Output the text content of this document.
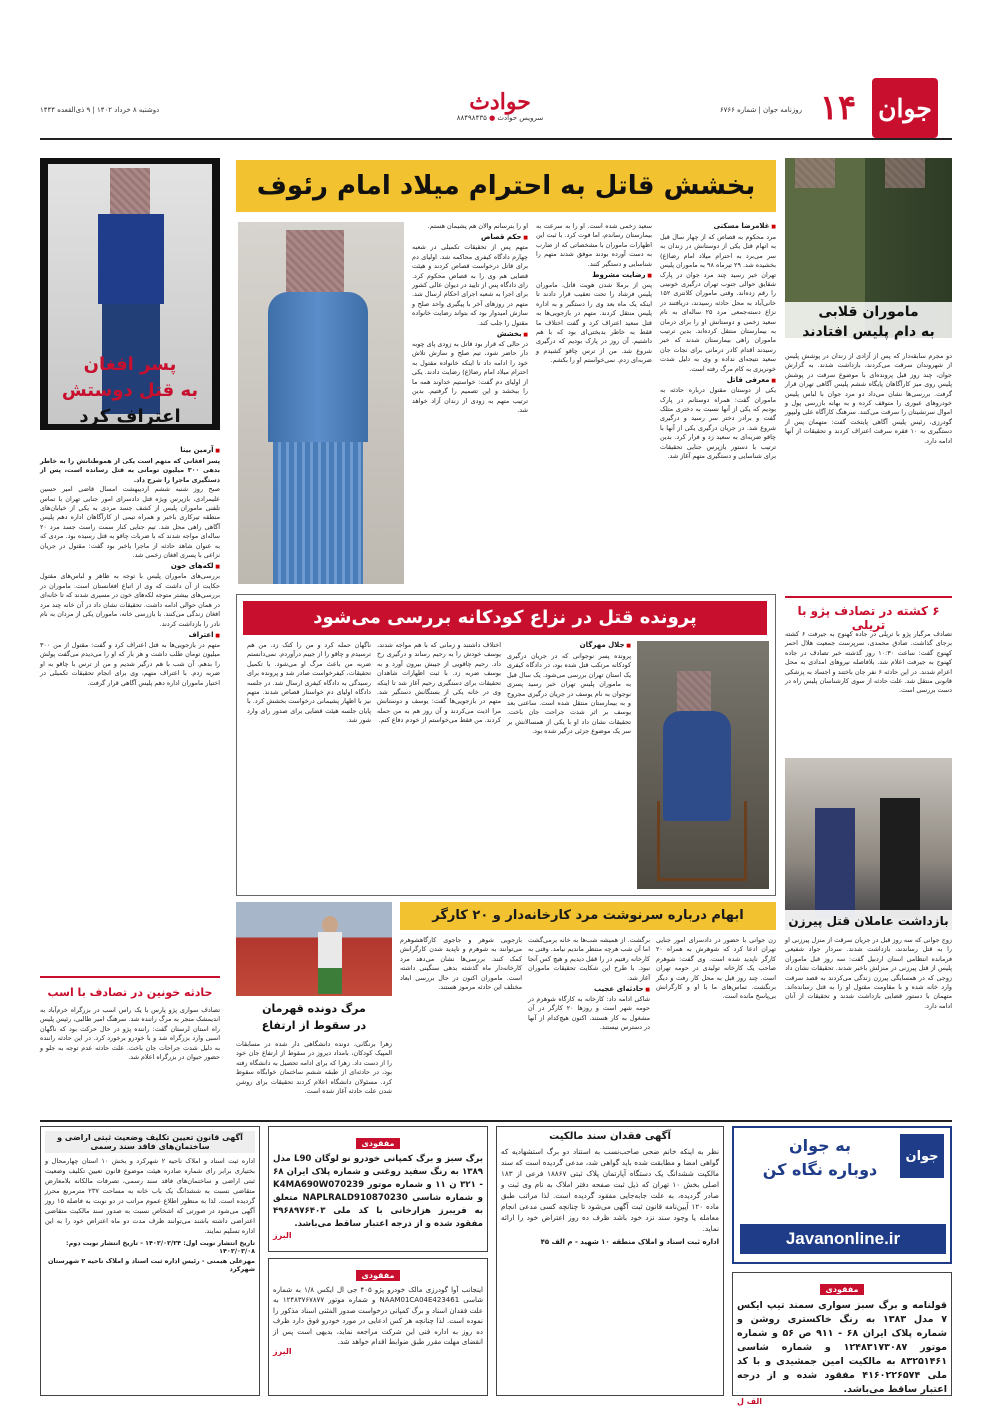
جوان
۱۴
روزنامه جوان | شماره ۶۷۶۶
حوادث
سرویس حوادث ● ۸۸۴۹۸۴۳۵
دوشنبه ۸ خرداد ۱۴۰۲ | ۹ ذی‌القعده ۱۴۴۴
ماموران قلابی
به دام پلیس افتادند
دو مجرم سابقه‌دار که پس از آزادی از زندان در پوشش پلیس از شهروندان سرقت می‌کردند، بازداشت شدند. به گزارش جوان، چند روز قبل پرونده‌ای با موضوع سرقت در پوشش پلیس روی میز کارآگاهان پایگاه ششم پلیس آگاهی تهران قرار گرفت. بررسی‌ها نشان می‌داد دو مرد جوان با لباس پلیس خودروهای عبوری را متوقف کرده و به بهانه بازرسی پول و اموال سرنشینان را سرقت می‌کنند. سرهنگ کارآگاه علی ولیپور گودرزی، رئیس پلیس آگاهی پایتخت گفت: متهمان پس از دستگیری به ۱۰ فقره سرقت اعتراف کردند و تحقیقات از آنها ادامه دارد.
۶ کشته در تصادف پژو با تریلی
تصادف مرگبار پژو با تریلی در جاده کهنوج به جیرفت ۶ کشته برجای گذاشت. صادق محمدی، سرپرست جمعیت هلال احمر کهنوج گفت: ساعت ۱۰:۳۰ روز گذشته خبر تصادف در جاده کهنوج به جیرفت اعلام شد. بلافاصله نیروهای امدادی به محل اعزام شدند. در این حادثه ۶ نفر جان باختند و اجساد به پزشکی قانونی منتقل شد. علت حادثه از سوی کارشناسان پلیس راه در دست بررسی است.
بازداشت عاملان قتل پیرزن
زوج جوانی که سه روز قبل در جریان سرقت از منزل پیرزنی او را به قتل رساندند، بازداشت شدند. سردار جواد شفیعی فرمانده انتظامی استان اردبیل گفت: سه روز قبل ماموران پلیس از قتل پیرزنی در منزلش باخبر شدند. تحقیقات نشان داد زوجی که در همسایگی پیرزن زندگی می‌کردند به قصد سرقت وارد خانه شده و با مقاومت مقتول او را به قتل رسانده‌اند. متهمان با دستور قضایی بازداشت شدند و تحقیقات از آنان ادامه دارد.
بخشش قاتل به احترام میلاد امام رئوف
■ غلامرضا مسکنی
مرد محکوم به قصاص که از چهار سال قبل به اتهام قتل یکی از دوستانش در زندان به سر می‌برد به احترام میلاد امام رضا(ع) بخشیده شد. ۲۹ تیرماه ۹۸ به ماموران پلیس تهران خبر رسید چند مرد جوان در پارک شقایق حوالی جنوب تهران درگیری خونینی را رقم زده‌اند. وقتی ماموران کلانتری ۱۵۲ خانی‌آباد به محل حادثه رسیدند، دریافتند در نزاع دسته‌جمعی مرد ۲۵ ساله‌ای به نام سعید زخمی و دوستانش او را برای درمان به بیمارستان منتقل کرده‌اند. بدین ترتیب ماموران راهی بیمارستان شدند که خبر رسیدند اقدام کادر درمانی برای نجات جان سعید نتیجه‌ای نداده و وی به دلیل شدت خونریزی به کام مرگ رفته است.
■ معرفی قاتل
یکی از دوستان مقتول درباره حادثه به ماموران گفت: همراه دوستانم در پارک بودیم که یکی از آنها نسبت به دختری متلک گفت و برادر دختر سر رسید و درگیری شروع شد. در جریان درگیری یکی از آنها با چاقو ضربه‌ای به سعید زد و فرار کرد. بدین ترتیب با دستور بازپرس جنایی تحقیقات برای شناسایی و دستگیری متهم آغاز شد.
سعید زخمی شده است. او را به سرعت به بیمارستان رساندم، اما فوت کرد. با ثبت این اظهارات ماموران با مشخصاتی که از ضارب به دست آورده بودند موفق شدند متهم را شناسایی و دستگیر کنند.
■ رضایت مشروط
پس از برملا شدن هویت قاتل، ماموران پلیس فرشاد را تحت تعقیب قرار دادند تا اینکه یک ماه بعد وی را دستگیر و به اداره پلیس منتقل کردند. متهم در بازجویی‌ها به قتل سعید اعتراف کرد و گفت اختلاف ما فقط به خاطر بدبختی‌ای بود که با هم داشتیم. آن روز در پارک بودیم که درگیری شروع شد. من از ترس چاقو کشیدم و ضربه‌ای زدم. نمی‌خواستم او را بکشم.
او را بترسانم والان هم پشیمان هستم.
■ حکم قصاص
متهم پس از تحقیقات تکمیلی در شعبه چهارم دادگاه کیفری محاکمه شد. اولیای دم برای قاتل درخواست قصاص کردند و هیئت قضایی هم وی را به قصاص محکوم کرد. رای دادگاه پس از تایید در دیوان عالی کشور برای اجرا به شعبه اجرای احکام ارسال شد. متهم در روزهای آخر با پیگیری واحد صلح و سازش امیدوار بود که بتواند رضایت خانواده مقتول را جلب کند.
■ بخشش
در حالی که قرار بود قاتل به زودی پای چوبه دار حاضر شود، تیم صلح و سازش تلاش خود را ادامه داد تا اینکه خانواده مقتول به احترام میلاد امام رضا(ع) رضایت دادند. یکی از اولیای دم گفت: خواستیم خداوند همه ما را ببخشد و این تصمیم را گرفتیم. بدین ترتیب متهم به زودی از زندان آزاد خواهد شد.
پسر افغان
به قتل دوستش
اعتراف کرد
■ آرمین بینا
پسر افغانی که متهم است یکی از هموطنانش را به خاطر بدهی ۳۰۰ میلیون تومانی به قتل رسانده است، پس از دستگیری ماجرا را شرح داد.
صبح روز شنبه ششم اردیبهشت امسال قاضی امیر حسین علیمرادی، بازپرس ویژه قتل دادسرای امور جنایی تهران با تماس تلفنی ماموران پلیس از کشف جسد مردی به یکی از خیابان‌های منطقه تیرکاری باخبر و همراه تیمی از کارآگاهان اداره دهم پلیس آگاهی راهی محل شد. تیم جنایی کنار سمت راست جسد مرد ۲۰ ساله‌ای مواجه شدند که با ضربات چاقو به قتل رسیده بود. مردی که به عنوان شاهد حادثه از ماجرا باخبر بود گفت: مقتول در جریان نزاعی با پسری افغان زخمی شد.
■ لکه‌های خون
بررسی‌های ماموران پلیس با توجه به ظاهر و لباس‌های مقتول حکایت از آن داشت که وی از اتباع افغانستان است. ماموران در بررسی‌های بیشتر متوجه لکه‌های خون در مسیری شدند که تا خانه‌ای در همان حوالی ادامه داشت. تحقیقات نشان داد در آن خانه چند مرد افغان زندگی می‌کنند. با بازرسی خانه، ماموران یکی از مردان به نام نادر را بازداشت کردند.
■ اعتراف
متهم در بازجویی‌ها به قتل اعتراف کرد و گفت: مقتول از من ۳۰۰ میلیون تومان طلب داشت و هر بار که او را می‌دیدم می‌گفت پولش را بدهم. آن شب با هم درگیر شدیم و من از ترس با چاقو به او ضربه زدم. با اعتراف متهم، وی برای انجام تحقیقات تکمیلی در اختیار ماموران اداره دهم پلیس آگاهی قرار گرفت.
حادثه خونین در تصادف با اسب
تصادف سواری پژو پارس با یک راس اسب در بزرگراه خرم‌آباد به اندیمشک منجر به مرگ راننده شد. سرهنگ امیر طالبی، رئیس پلیس راه استان لرستان گفت: راننده پژو در حال حرکت بود که ناگهان اسبی وارد بزرگراه شد و با خودرو برخورد کرد. در این حادثه راننده به دلیل شدت جراحات جان باخت. علت حادثه عدم توجه به جلو و حضور حیوان در بزرگراه اعلام شد.
پرونده قتل در نزاع کودکانه بررسی می‌شود
■ جلال مهرگان
پرونده پسر نوجوانی که در جریان درگیری کودکانه مرتکب قتل شده بود، در دادگاه کیفری یک استان تهران بررسی می‌شود. یک سال قبل به ماموران پلیس تهران خبر رسید پسری نوجوان به نام یوسف در جریان درگیری مجروح و به بیمارستان منتقل شده است. ساعتی بعد یوسف بر اثر شدت جراحت جان باخت. تحقیقات نشان داد او با یکی از همسالانش بر سر یک موضوع جزئی درگیر شده بود.
اختلاف داشتند و زمانی که با هم مواجه شدند، یوسف خودش را به رحیم رساند و درگیری رخ داد. رحیم چاقویی از جیبش بیرون آورد و به یوسف ضربه زد. با ثبت اظهارات شاهدان تحقیقات برای دستگیری رحیم آغاز شد تا اینکه وی در خانه یکی از بستگانش دستگیر شد. متهم در بازجویی‌ها گفت: یوسف و دوستانش مرا اذیت می‌کردند و آن روز هم به من حمله کردند. من فقط می‌خواستم از خودم دفاع کنم.
ناگهان حمله کرد و من را کتک زد. من هم ترسیدم و چاقو را از جیبم درآوردم. نمی‌دانستم ضربه من باعث مرگ او می‌شود. با تکمیل تحقیقات، کیفرخواست صادر شد و پرونده برای رسیدگی به دادگاه کیفری ارسال شد. در جلسه دادگاه اولیای دم خواستار قصاص شدند. متهم نیز با اظهار پشیمانی درخواست بخشش کرد. با پایان جلسه هیئت قضایی برای صدور رای وارد شور شد.
ابهام درباره سرنوشت مرد کارخانه‌دار و ۲۰ کارگر
زن جوانی با حضور در دادسرای امور جنایی تهران ادعا کرد که شوهرش به همراه ۲۰ کارگر ناپدید شده است. وی گفت: شوهرم صاحب یک کارخانه تولیدی در حومه تهران است. چند روز قبل به محل کار رفت و دیگر برنگشت. تماس‌های ما با او و کارگرانش بی‌پاسخ مانده است.
برگشت. از همیشه شب‌ها به خانه برمی‌گشت اما آن شب هرچه منتظر ماندیم نیامد. وقتی به کارخانه رفتیم در را قفل دیدیم و هیچ کس آنجا نبود. با طرح این شکایت تحقیقات ماموران آغاز شد.
■ حادثه‌ای عجیب
شاکی ادامه داد: کارخانه به کارگاه شوهرم در حومه شهر است و روزها ۲۰ کارگر در آن مشغول به کار هستند. اکنون هیچ‌کدام از آنها در دسترس نیستند.
بازجویی شوهر و جاجوی کارگاهشوهرم می‌توانند به شوهرم و ناپدید شدن کارگرانش کمک کنند. بررسی‌ها نشان می‌دهد مرد کارخانه‌دار ماه گذشته بدهی سنگینی داشته است. ماموران اکنون در حال بررسی ابعاد مختلف این حادثه مرموز هستند.
مرگ دونده قهرمان
در سقوط از ارتفاع
زهرا برنگانی، دونده دانشگاهی دار شده در مسابقات المپیک کودکان، بامداد دیروز در سقوط از ارتفاع جان خود را از دست داد. زهرا که برای ادامه تحصیل به دانشگاه رفته بود، در حادثه‌ای از طبقه ششم ساختمان خوابگاه سقوط کرد. مسئولان دانشگاه اعلام کردند تحقیقات برای روشن شدن علت حادثه آغاز شده است.
جوان
به جوان
دوباره نگاه کن
Javanonline.ir
مفقودی
قولنامه و برگ سبز سواری سمند تیپ ایکس ۷ مدل ۱۳۸۳ به رنگ خاکستری روشن و شماره پلاک ایران ۶۸ - ۹۱۱ ص ۵۶ و شماره موتور ۱۲۴۸۳۱۷۳۰۸۷ و شماره شاسی ۸۳۲۵۱۴۶۱ به مالکیت امین جمشیدی و با کد ملی ۴۱۶۰۲۲۶۵۷۴ مفقود شده و از درجه اعتبار ساقط می‌باشد.
الف ل
آگهی فقدان سند مالکیت
نظر به اینکه خانم ضحی صاحب‌نسب به استناد دو برگ استشهادیه که گواهی امضا و مطابقت شده باید گواهی شد، مدعی گردیده است که سند مالکیت ششدانگ یک دستگاه آپارتمان پلاک ثبتی ۱۸۸۶۷ فرعی از ۱۸۳ اصلی بخش ۱۰ تهران که ذیل ثبت صفحه دفتر املاک به نام وی ثبت و صادر گردیده، به علت جابه‌جایی مفقود گردیده است. لذا مراتب طبق ماده ۱۲۰ آیین‌نامه قانون ثبت آگهی می‌شود تا چنانچه کسی مدعی انجام معامله یا وجود سند نزد خود باشد ظرف ده روز اعتراض خود را ارائه نماید.
اداره ثبت اسناد و املاک منطقه ۱۰ شهید - م الف ۴۵
مفقودی
برگ سبز و برگ کمپانی خودرو نو لوگان L90 مدل ۱۳۸۹ به رنگ سفید روغنی و شماره پلاک ایران ۶۸ - ۳۲۱ ن ۱۱ و شماره موتور K4MA690W070239 و شماره شاسی NAPLRALD910870230 متعلق به فریبرز هزارخانی با کد ملی ۴۹۶۸۹۷۶۴۰۳ مفقود شده و از درجه اعتبار ساقط می‌باشد.
البرز
مفقودی
اینجانب آوا گودرزی مالک خودرو پژو ۴۰۵ جی ال ایکس ۱/۸ به شماره شاسی NAAM01CA04E423461 و شماره موتور ۱۲۴۸۳۷۶۷۸۷۷ به علت فقدان اسناد و برگ کمپانی درخواست صدور المثنی اسناد مذکور را نموده است. لذا چنانچه هر کس ادعایی در مورد خودرو فوق دارد ظرف ده روز به اداره فنی این شرکت مراجعه نماید، بدیهی است پس از انقضای مهلت مقرر طبق ضوابط اقدام خواهد شد.
البرز
آگهی قانون تعیین تکلیف وضعیت ثبتی اراضی و ساختمان‌های فاقد سند رسمی
اداره ثبت اسناد و املاک ناحیه ۲ شهرکرد و بخش ۱۰ استان چهارمحال و بختیاری برابر رای شماره صادره هیئت موضوع قانون تعیین تکلیف وضعیت ثبتی اراضی و ساختمان‌های فاقد سند رسمی، تصرفات مالکانه بلامعارض متقاضی نسبت به ششدانگ یک باب خانه به مساحت ۲۳۷ مترمربع محرز گردیده است. لذا به منظور اطلاع عموم مراتب در دو نوبت به فاصله ۱۵ روز آگهی می‌شود در صورتی که اشخاص نسبت به صدور سند مالکیت متقاضی اعتراضی داشته باشند می‌توانند ظرف مدت دو ماه اعتراض خود را به این اداره تسلیم نمایند.
تاریخ انتشار نوبت اول: ۱۴۰۲/۰۲/۲۴ - تاریخ انتشار نوبت دوم: ۱۴۰۲/۰۳/۰۸
مهرعلی هیمنی - رئیس اداره ثبت اسناد و املاک ناحیه ۲ شهرستان شهرکرد
